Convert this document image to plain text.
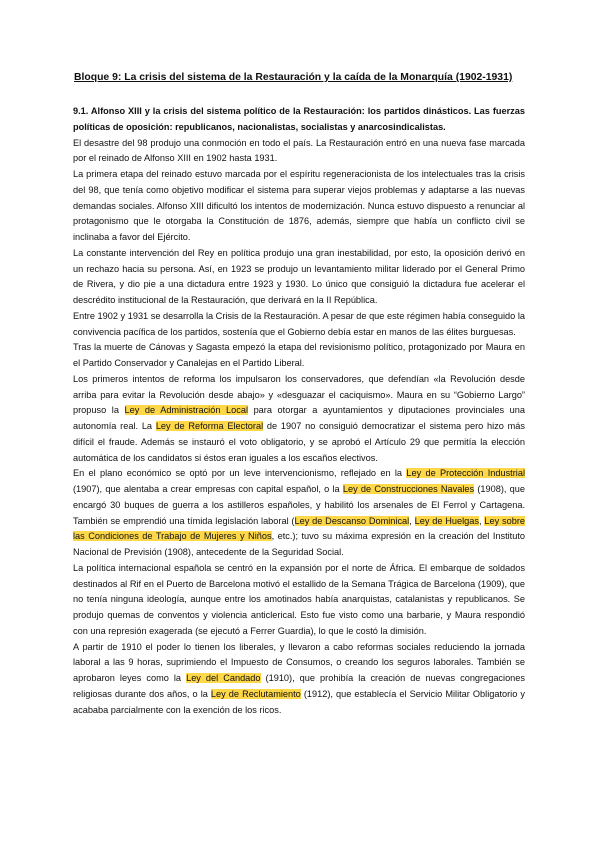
Bloque 9: La crisis del sistema de la Restauración y la caída de la Monarquía (1902-1931)

9.1. Alfonso XIII y la crisis del sistema político de la Restauración: los partidos dinásticos. Las fuerzas políticas de oposición: republicanos, nacionalistas, socialistas y anarcosindicalistas.

El desastre del 98 produjo una conmoción en todo el país. La Restauración entró en una nueva fase marcada por el reinado de Alfonso XIII en 1902 hasta 1931.

La primera etapa del reinado estuvo marcada por el espíritu regeneracionista de los intelectuales tras la crisis del 98, que tenía como objetivo modificar el sistema para superar viejos problemas y adaptarse a las nuevas demandas sociales. Alfonso XIII dificultó los intentos de modernización. Nunca estuvo dispuesto a renunciar al protagonismo que le otorgaba la Constitución de 1876, además, siempre que había un conflicto civil se inclinaba a favor del Ejército.

La constante intervención del Rey en política produjo una gran inestabilidad, por esto, la oposición derivó en un rechazo hacia su persona. Así, en 1923 se produjo un levantamiento militar liderado por el General Primo de Rivera, y dio pie a una dictadura entre 1923 y 1930. Lo único que consiguió la dictadura fue acelerar el descrédito institucional de la Restauración, que derivará en la II República.

Entre 1902 y 1931 se desarrolla la Crisis de la Restauración. A pesar de que este régimen había conseguido la convivencia pacífica de los partidos, sostenía que el Gobierno debía estar en manos de las élites burguesas.

Tras la muerte de Cánovas y Sagasta empezó la etapa del revisionismo político, protagonizado por Maura en el Partido Conservador y Canalejas en el Partido Liberal.

Los primeros intentos de reforma los impulsaron los conservadores, que defendían «la Revolución desde arriba para evitar la Revolución desde abajo» y «desguazar el caciquismo». Maura en su “Gobierno Largo” propuso la Ley de Administración Local para otorgar a ayuntamientos y diputaciones provinciales una autonomía real. La Ley de Reforma Electoral de 1907 no consiguió democratizar el sistema pero hizo más difícil el fraude. Además se instauró el voto obligatorio, y se aprobó el Artículo 29 que permitía la elección automática de los candidatos si éstos eran iguales a los escaños electivos.

En el plano económico se optó por un leve intervencionismo, reflejado en la Ley de Protección Industrial (1907), que alentaba a crear empresas con capital español, o la Ley de Construcciones Navales (1908), que encargó 30 buques de guerra a los astilleros españoles, y habilitó los arsenales de El Ferrol y Cartagena. También se emprendió una tímida legislación laboral (Ley de Descanso Dominical, Ley de Huelgas, Ley sobre las Condiciones de Trabajo de Mujeres y Niños, etc.); tuvo su máxima expresión en la creación del Instituto Nacional de Previsión (1908), antecedente de la Seguridad Social.

La política internacional española se centró en la expansión por el norte de África. El embarque de soldados destinados al Rif en el Puerto de Barcelona motivó el estallido de la Semana Trágica de Barcelona (1909), que no tenía ninguna ideología, aunque entre los amotinados había anarquistas, catalanistas y republicanos. Se produjo quemas de conventos y violencia anticlerical. Esto fue visto como una barbarie, y Maura respondió con una represión exagerada (se ejecutó a Ferrer Guardia), lo que le costó la dimisión.

A partir de 1910 el poder lo tienen los liberales, y llevaron a cabo reformas sociales reduciendo la jornada laboral a las 9 horas, suprimiendo el Impuesto de Consumos, o creando los seguros laborales. También se aprobaron leyes como la Ley del Candado (1910), que prohibía la creación de nuevas congregaciones religiosas durante dos años, o la Ley de Reclutamiento (1912), que establecía el Servicio Militar Obligatorio y acababa parcialmente con la exención de los ricos.
